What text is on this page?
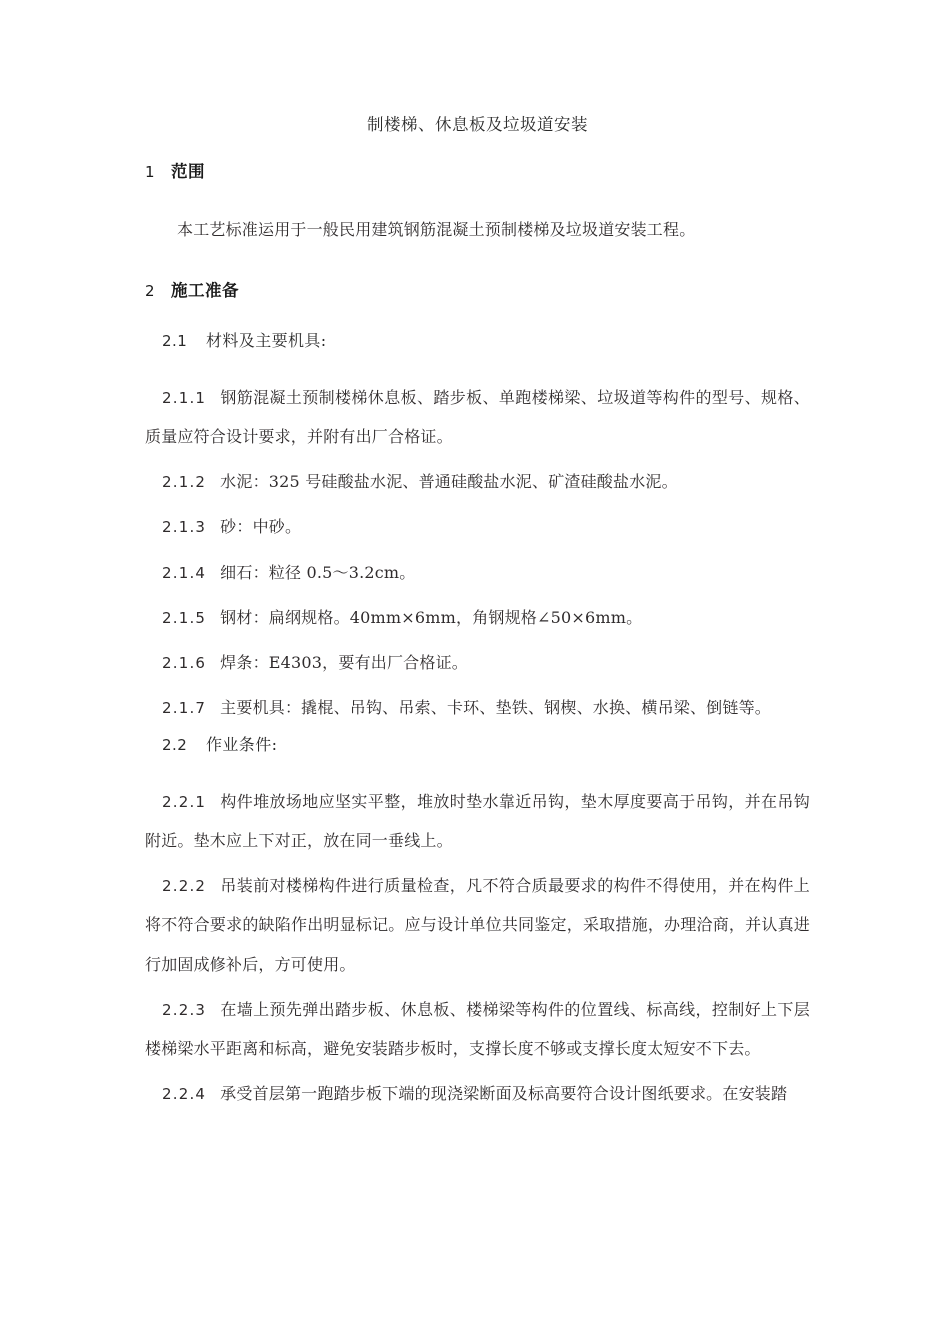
制楼梯、休息板及垃圾道安装
1 范围

本工艺标准运用于一般民用建筑钢筋混凝土预制楼梯及垃圾道安装工程。

2 施工准备
2.1	材料及主要机具:

2.1.1 钢筋混凝土预制楼梯休息板、踏步板、单跑楼梯梁、垃圾道等构件的型号、规格、质量应符合设计要求，并附有出厂合格证。

2.1.2 水泥：325 号硅酸盐水泥、普通硅酸盐水泥、矿渣硅酸盐水泥。

2.1.3 砂：中砂。

2.1.4 细石：粒径 0.5～3.2cm。

2.1.5 钢材：扁纲规格。40mm×6mm，角钢规格∠50×6mm。

2.1.6 焊条：E4303，要有出厂合格证。

2.1.7 主要机具：撬棍、吊钩、吊索、卡环、垫铁、钢楔、水换、横吊梁、倒链等。

2.2	作业条件:

2.2.1 构件堆放场地应坚实平整，堆放时垫水靠近吊钩，垫木厚度要高于吊钩，并在吊钩附近。垫木应上下对正，放在同一垂线上。

2.2.2 吊装前对楼梯构件进行质量检查，凡不符合质最要求的构件不得使用，并在构件上将不符合要求的缺陷作出明显标记。应与设计单位共同鉴定，采取措施，办理洽商，并认真进行加固成修补后，方可使用。

2.2.3 在墙上预先弹出踏步板、休息板、楼梯梁等构件的位置线、标高线，控制好上下层楼梯梁水平距离和标高，避免安装踏步板时，支撑长度不够或支撑长度太短安不下去。

2.2.4 承受首层第一跑踏步板下端的现浇梁断面及标高要符合设计图纸要求。在安装踏
